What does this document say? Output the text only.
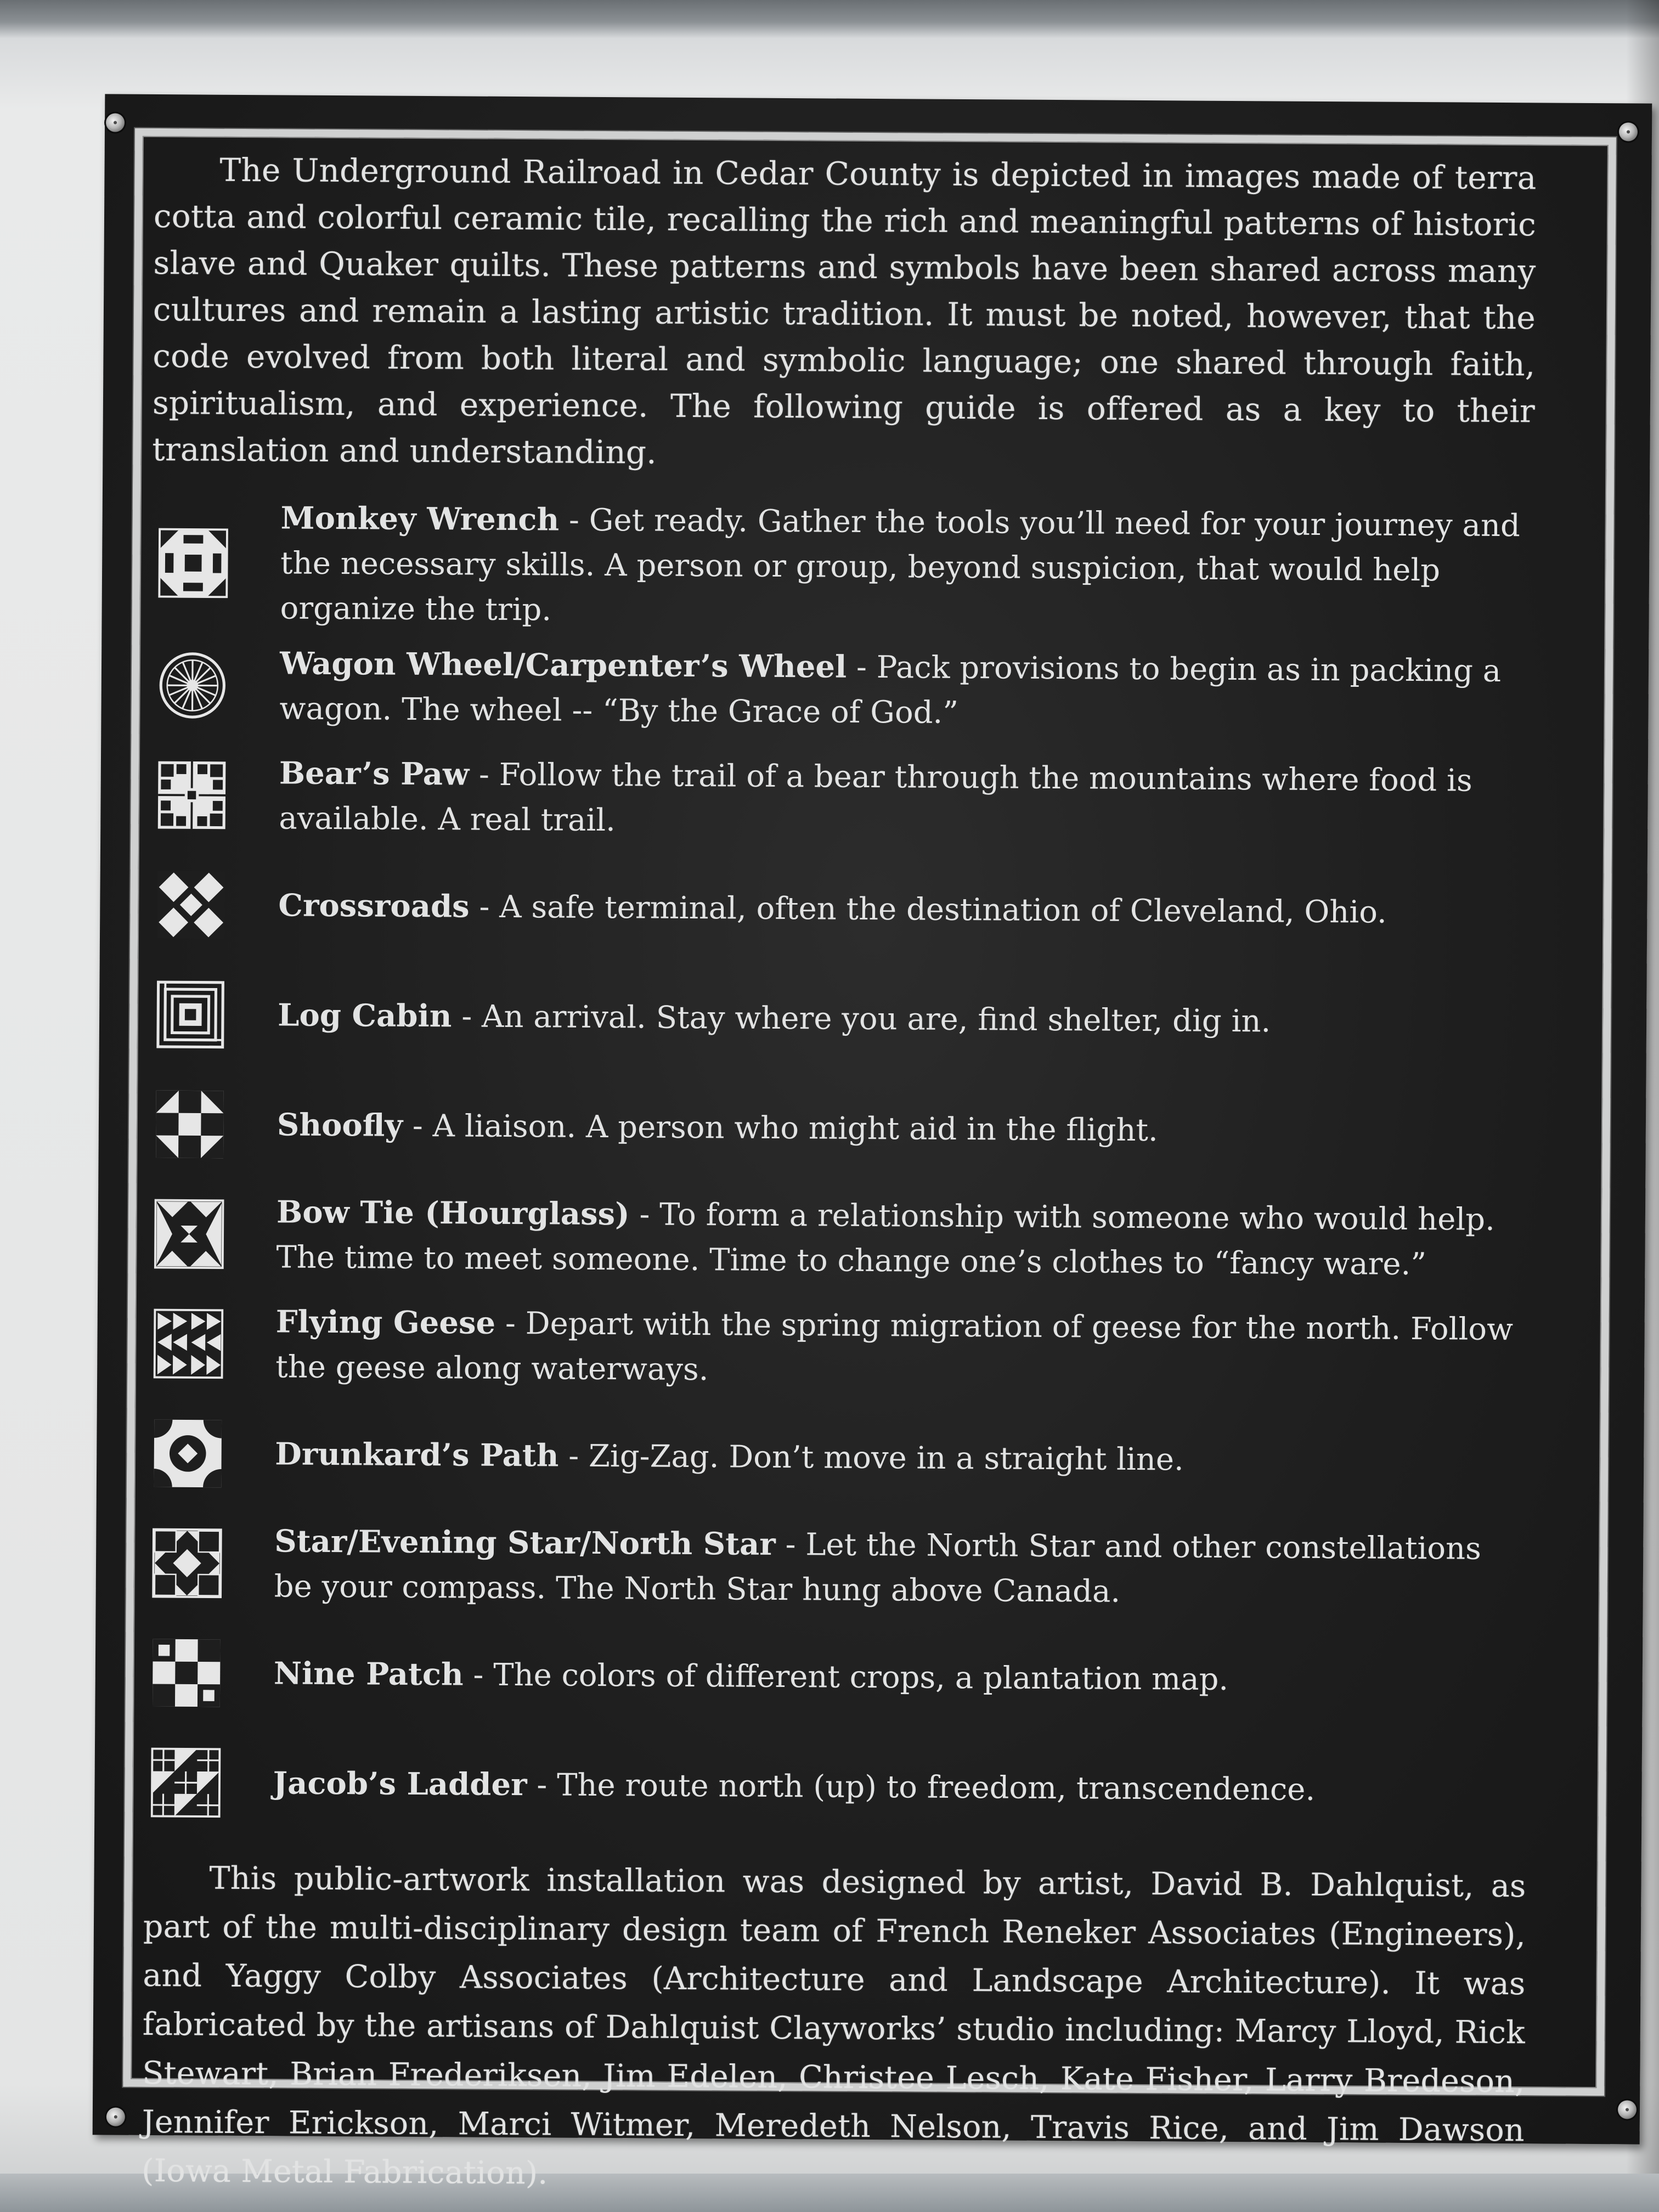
The Underground Railroad in Cedar County is depicted in images made of terra cotta and colorful ceramic tile, recalling the rich and meaningful patterns of historic slave and Quaker quilts. These patterns and symbols have been shared across many cultures and remain a lasting artistic tradition. It must be noted, however, that the code evolved from both literal and symbolic language; one shared through faith, spiritualism, and experience. The following guide is offered as a key to their translation and understanding.

Monkey Wrench - Get ready. Gather the tools you’ll need for your journey and the necessary skills. A person or group, beyond suspicion, that would help organize the trip.
Wagon Wheel/Carpenter’s Wheel - Pack provisions to begin as in packing a wagon. The wheel -- “By the Grace of God.”
Bear’s Paw - Follow the trail of a bear through the mountains where food is available. A real trail.
Crossroads - A safe terminal, often the destination of Cleveland, Ohio.
Log Cabin - An arrival. Stay where you are, find shelter, dig in.
Shoofly - A liaison. A person who might aid in the flight.
Bow Tie (Hourglass) - To form a relationship with someone who would help. The time to meet someone. Time to change one’s clothes to “fancy ware.”
Flying Geese - Depart with the spring migration of geese for the north. Follow the geese along waterways.
Drunkard’s Path - Zig-Zag. Don’t move in a straight line.
Star/Evening Star/North Star - Let the North Star and other constellations be your compass. The North Star hung above Canada.
Nine Patch - The colors of different crops, a plantation map.
Jacob’s Ladder - The route north (up) to freedom, transcendence.

This public-artwork installation was designed by artist, David B. Dahlquist, as part of the multi-disciplinary design team of French Reneker Associates (Engineers), and Yaggy Colby Associates (Architecture and Landscape Architecture). It was fabricated by the artisans of Dahlquist Clayworks’ studio including: Marcy Lloyd, Rick Stewart, Brian Frederiksen, Jim Edelen, Christee Lesch, Kate Fisher, Larry Bredeson, Jennifer Erickson, Marci Witmer, Meredeth Nelson, Travis Rice, and Jim Dawson (Iowa Metal Fabrication).
